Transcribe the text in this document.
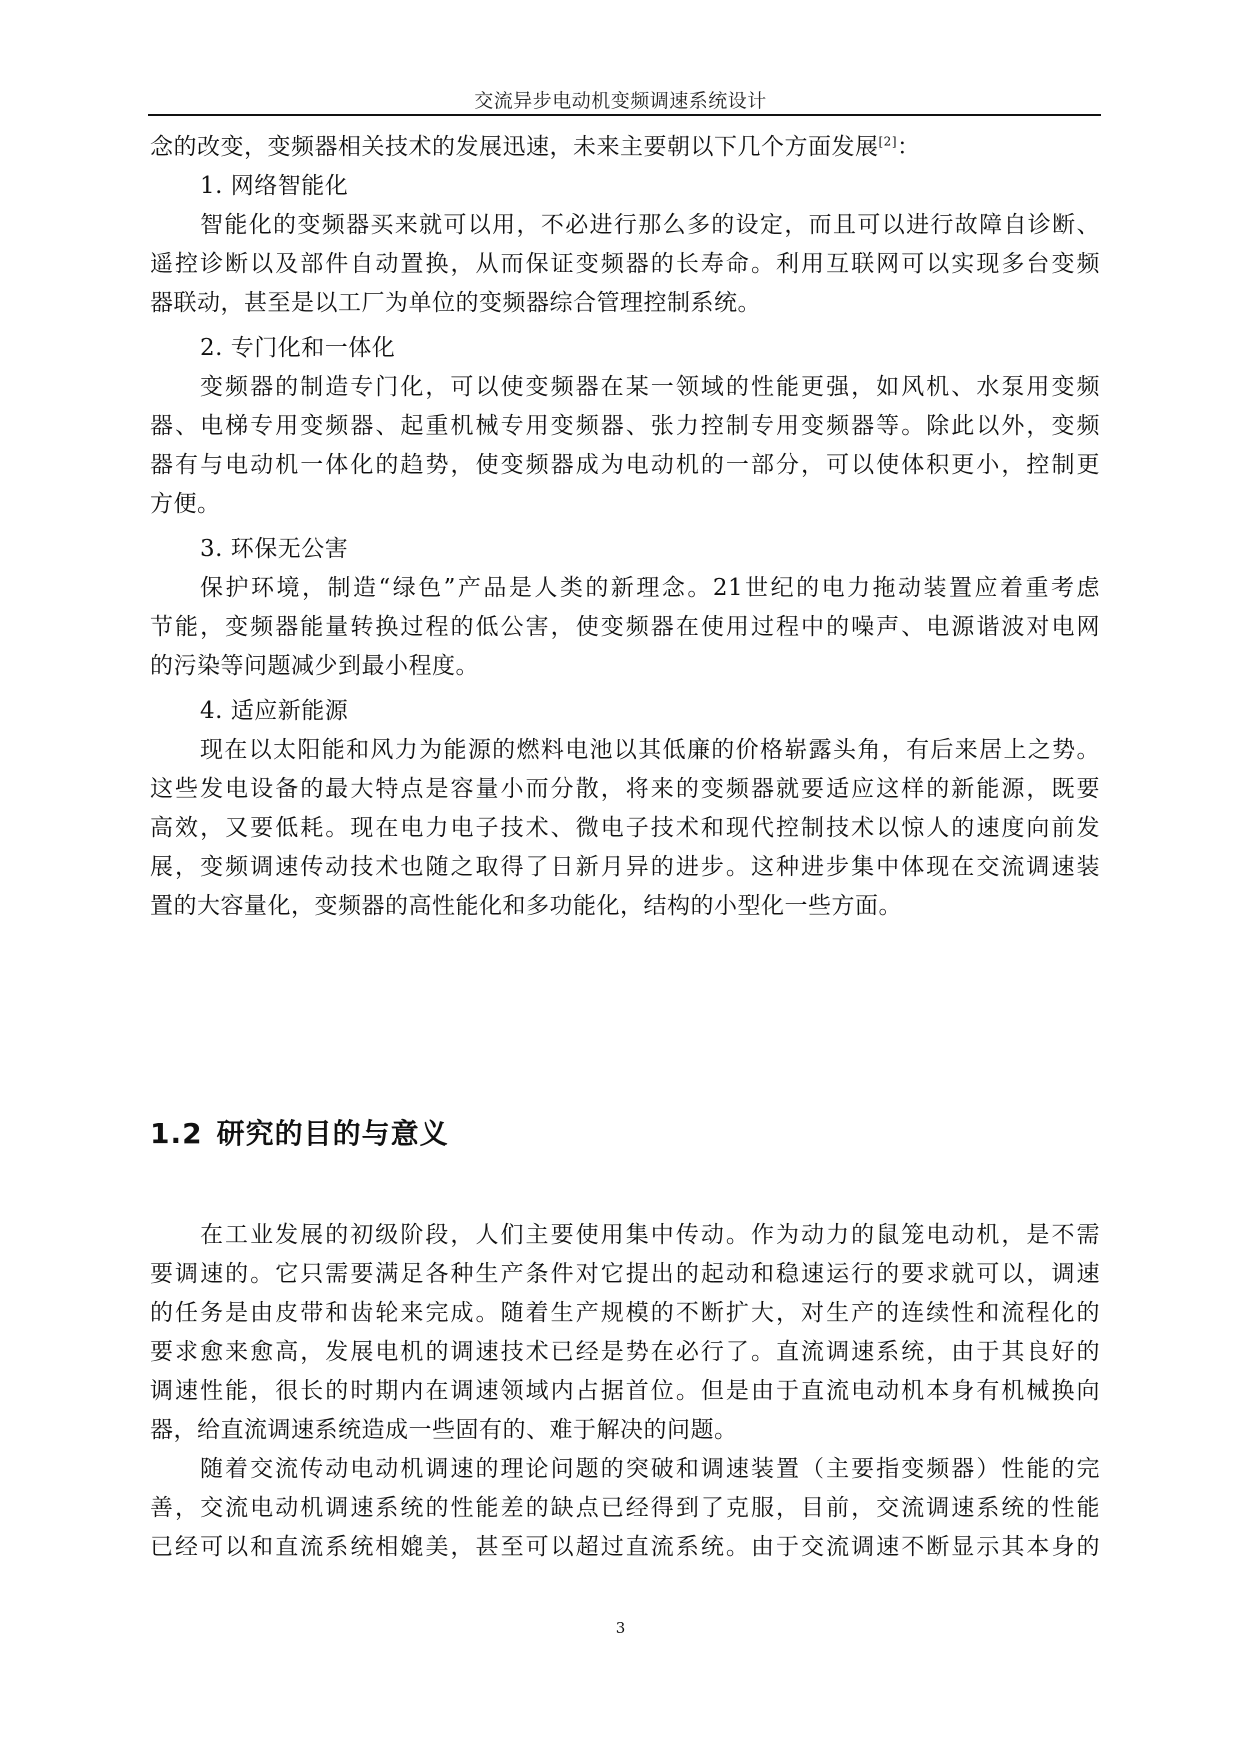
交流异步电动机变频调速系统设计
念的改变，变频器相关技术的发展迅速，未来主要朝以下几个方面发展[2]：
1. 网络智能化
智能化的变频器买来就可以用，不必进行那么多的设定，而且可以进行故障自诊断、
遥控诊断以及部件自动置换，从而保证变频器的长寿命。利用互联网可以实现多台变频
器联动，甚至是以工厂为单位的变频器综合管理控制系统。
2. 专门化和一体化
变频器的制造专门化，可以使变频器在某一领域的性能更强，如风机、水泵用变频
器、电梯专用变频器、起重机械专用变频器、张力控制专用变频器等。除此以外，变频
器有与电动机一体化的趋势，使变频器成为电动机的一部分，可以使体积更小，控制更
方便。
3. 环保无公害
保护环境，制造“绿色”产品是人类的新理念。21世纪的电力拖动装置应着重考虑
节能，变频器能量转换过程的低公害，使变频器在使用过程中的噪声、电源谐波对电网
的污染等问题减少到最小程度。
4. 适应新能源
现在以太阳能和风力为能源的燃料电池以其低廉的价格崭露头角，有后来居上之势。
这些发电设备的最大特点是容量小而分散，将来的变频器就要适应这样的新能源，既要
高效，又要低耗。现在电力电子技术、微电子技术和现代控制技术以惊人的速度向前发
展，变频调速传动技术也随之取得了日新月异的进步。这种进步集中体现在交流调速装
置的大容量化，变频器的高性能化和多功能化，结构的小型化一些方面。
1.2 研究的目的与意义
在工业发展的初级阶段，人们主要使用集中传动。作为动力的鼠笼电动机，是不需
要调速的。它只需要满足各种生产条件对它提出的起动和稳速运行的要求就可以，调速
的任务是由皮带和齿轮来完成。随着生产规模的不断扩大，对生产的连续性和流程化的
要求愈来愈高，发展电机的调速技术已经是势在必行了。直流调速系统，由于其良好的
调速性能，很长的时期内在调速领域内占据首位。但是由于直流电动机本身有机械换向
器，给直流调速系统造成一些固有的、难于解决的问题。
随着交流传动电动机调速的理论问题的突破和调速装置（主要指变频器）性能的完
善，交流电动机调速系统的性能差的缺点已经得到了克服，目前，交流调速系统的性能
已经可以和直流系统相媲美，甚至可以超过直流系统。由于交流调速不断显示其本身的
3
